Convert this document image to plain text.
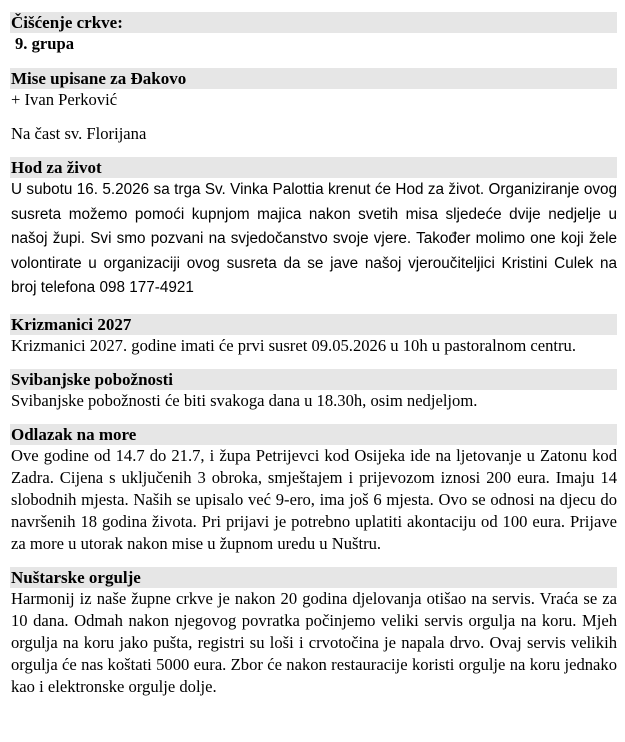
Čišćenje crkve:
9. grupa
Mise upisane za Đakovo
+ Ivan Perković
Na čast sv. Florijana
Hod za život
U subotu 16. 5.2026 sa trga Sv. Vinka Palottia krenut će Hod za život. Organiziranje ovog susreta možemo pomoći kupnjom majica nakon svetih misa sljedeće dvije nedjelje u našoj župi. Svi smo pozvani na svjedočanstvo svoje vjere. Također molimo one koji žele volontirate u organizaciji ovog susreta da se jave našoj vjeroučiteljici Kristini Culek na broj telefona 098 177-4921
Krizmanici 2027
Krizmanici 2027. godine imati će prvi susret 09.05.2026 u 10h u pastoralnom centru.
Svibanjske pobožnosti
Svibanjske pobožnosti će biti svakoga dana u 18.30h, osim nedjeljom.
Odlazak na more
Ove godine od 14.7 do 21.7, i župa Petrijevci kod Osijeka ide na ljetovanje u Zatonu kod Zadra. Cijena s uključenih 3 obroka, smještajem i prijevozom iznosi 200 eura. Imaju 14 slobodnih mjesta. Naših se upisalo već 9-ero, ima još 6 mjesta. Ovo se odnosi na djecu do navršenih 18 godina života. Pri prijavi je potrebno uplatiti akontaciju od 100 eura. Prijave za more u utorak nakon mise u župnom uredu u Nuštru.
Nuštarske orgulje
Harmonij iz naše župne crkve je nakon 20 godina djelovanja otišao na servis. Vraća se za 10 dana. Odmah nakon njegovog povratka počinjemo veliki servis orgulja na koru. Mjeh orgulja na koru jako pušta, registri su loši i crvotočina je napala drvo. Ovaj servis velikih orgulja će nas koštati 5000 eura. Zbor će nakon restauracije koristi orgulje na koru jednako kao i elektronske orgulje dolje.
